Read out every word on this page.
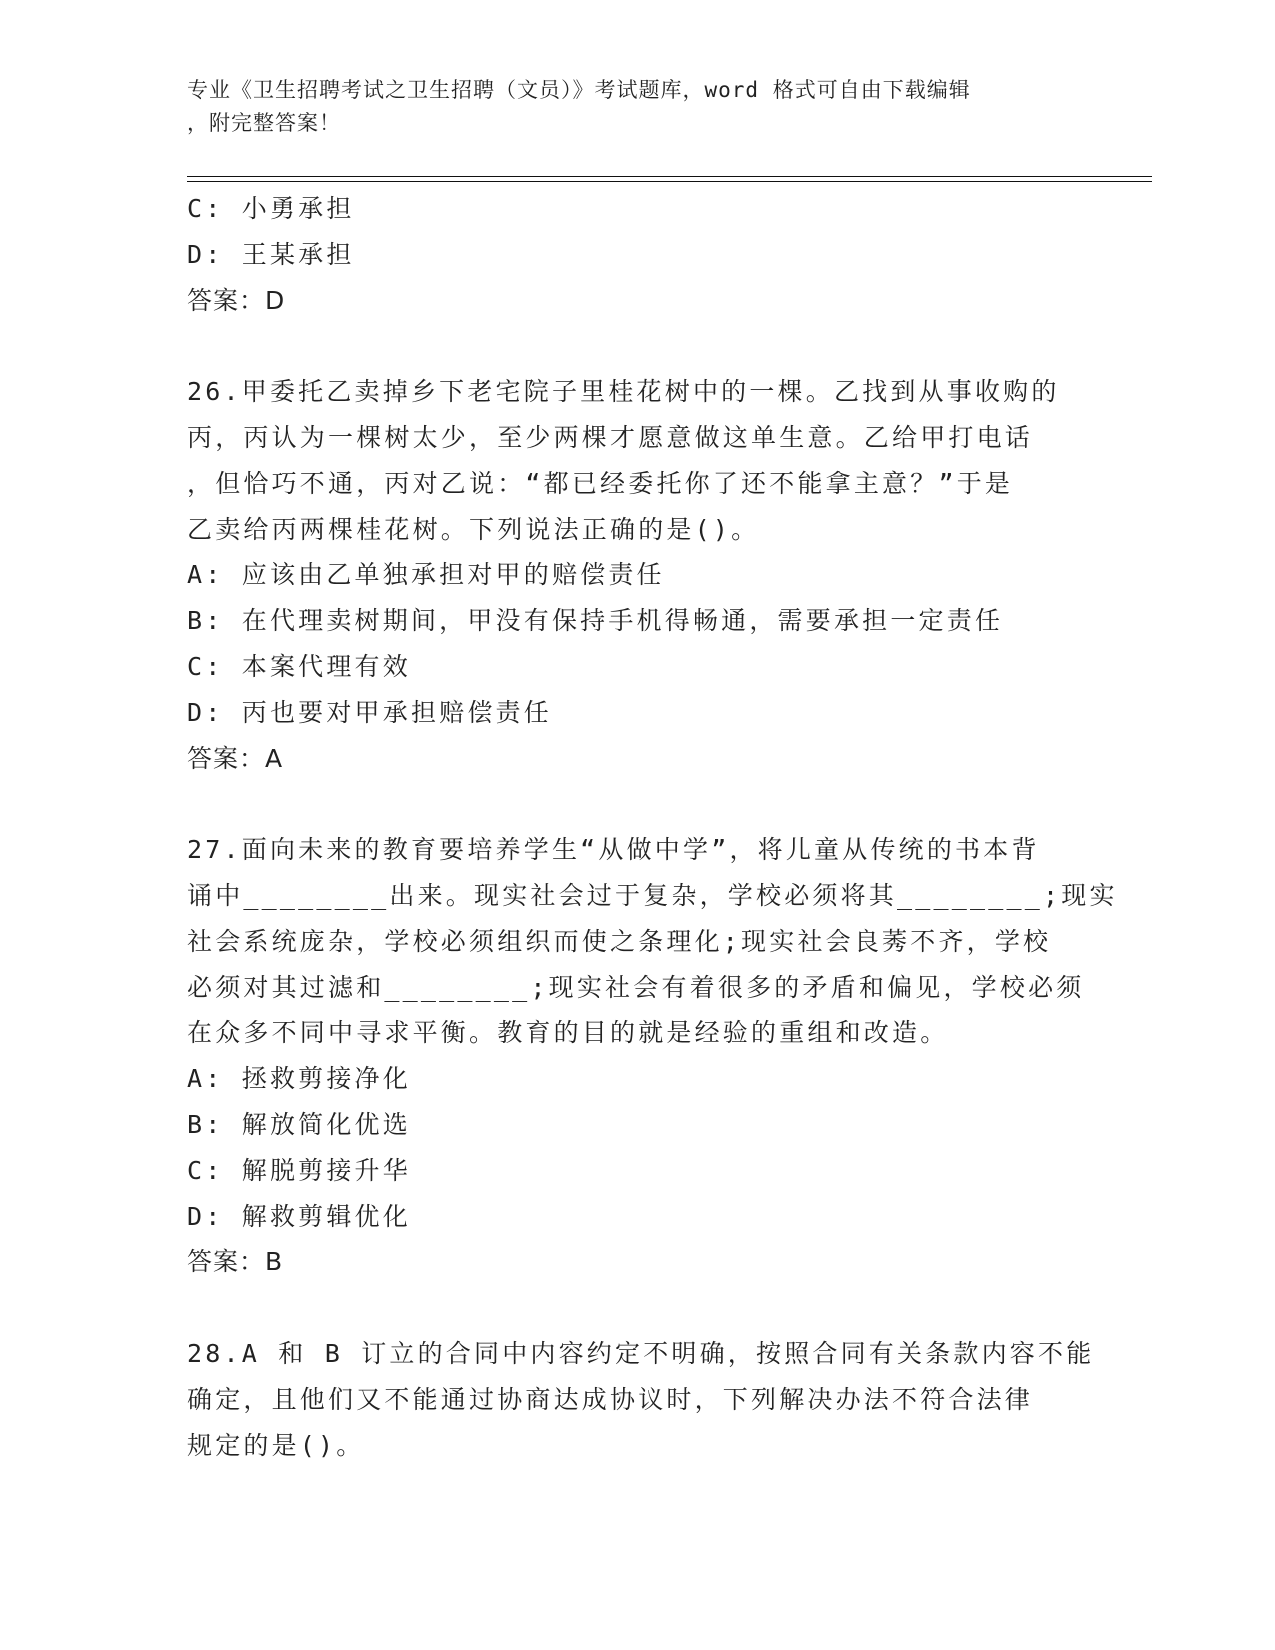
专业《卫生招聘考试之卫生招聘（文员）》考试题库，word 格式可自由下载编辑
，附完整答案！
C: 小勇承担
D: 王某承担
答案：D
26.甲委托乙卖掉乡下老宅院子里桂花树中的一棵。乙找到从事收购的
丙，丙认为一棵树太少，至少两棵才愿意做这单生意。乙给甲打电话
，但恰巧不通，丙对乙说：“都已经委托你了还不能拿主意？”于是
乙卖给丙两棵桂花树。下列说法正确的是()。
A: 应该由乙单独承担对甲的赔偿责任
B: 在代理卖树期间，甲没有保持手机得畅通，需要承担一定责任
C: 本案代理有效
D: 丙也要对甲承担赔偿责任
答案：A
27.面向未来的教育要培养学生“从做中学”，将儿童从传统的书本背
诵中________出来。现实社会过于复杂，学校必须将其________;现实
社会系统庞杂，学校必须组织而使之条理化;现实社会良莠不齐，学校
必须对其过滤和________;现实社会有着很多的矛盾和偏见，学校必须
在众多不同中寻求平衡。教育的目的就是经验的重组和改造。
A: 拯救剪接净化
B: 解放简化优选
C: 解脱剪接升华
D: 解救剪辑优化
答案：B
28.A 和 B 订立的合同中内容约定不明确，按照合同有关条款内容不能
确定，且他们又不能通过协商达成协议时，下列解决办法不符合法律
规定的是()。
